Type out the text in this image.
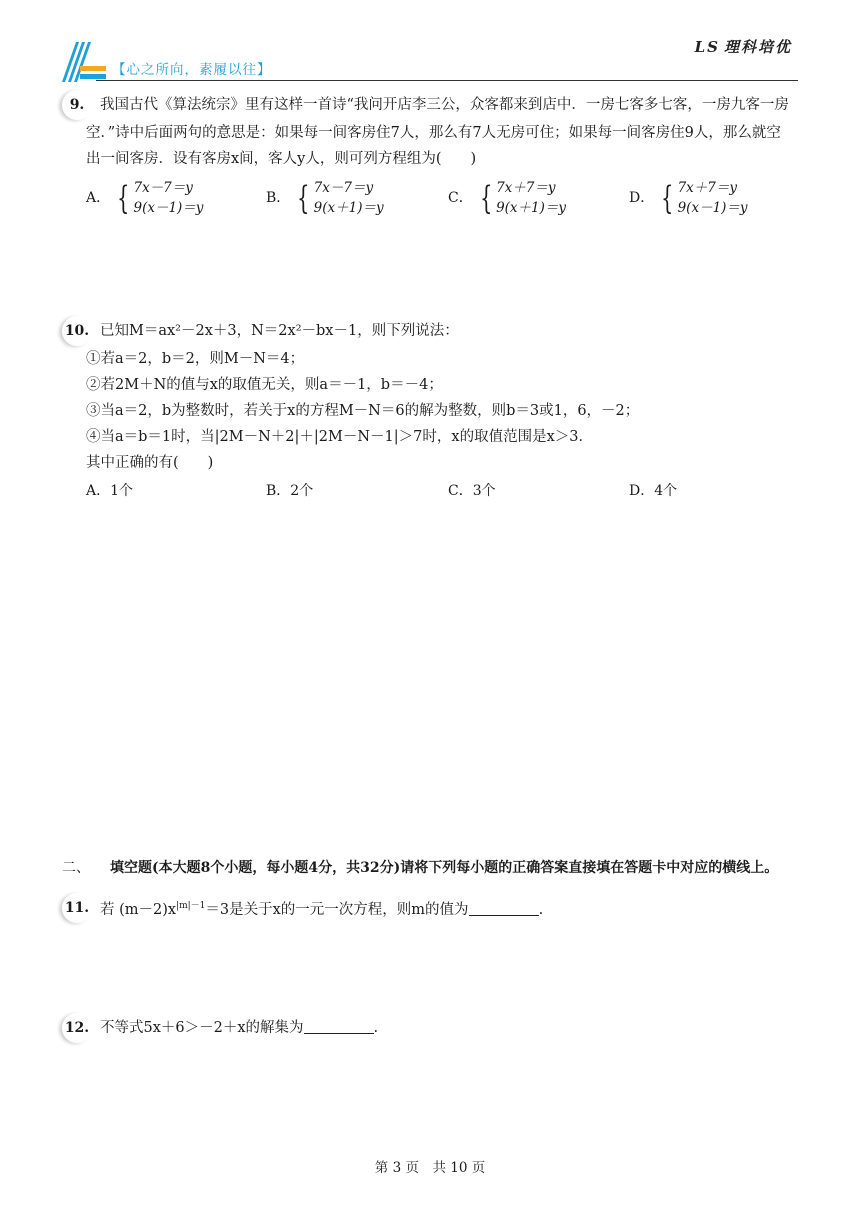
【心之所向，素履以往】
LS 理科培优
9. 我国古代《算法统宗》里有这样一首诗“我问开店李三公，众客都来到店中．一房七客多七客，一房九客一房
空．”诗中后面两句的意思是：如果每一间客房住7人，那么有7人无房可住；如果每一间客房住9人，那么就空
出一间客房．设有客房x间，客人y人，则可列方程组为(　　)
A． { 7x－7＝y
9(x－1)＝y
B． { 7x－7＝y
9(x＋1)＝y
C． { 7x＋7＝y
9(x＋1)＝y
D． { 7x＋7＝y
9(x－1)＝y
10. 已知M＝ax²－2x＋3，N＝2x²－bx－1，则下列说法：
①若a＝2，b＝2，则M－N＝4；
②若2M＋N的值与x的取值无关，则a＝－1，b＝－4；
③当a＝2，b为整数时，若关于x的方程M－N＝6的解为整数，则b＝3或1，6，－2；
④当a＝b＝1时，当|2M－N＋2|＋|2M－N－1|＞7时，x的取值范围是x＞3．
其中正确的有(　　)
A．1个	B．2个	C．3个	D．4个
二、 填空题(本大题8个小题，每小题4分，共32分)请将下列每小题的正确答案直接填在答题卡中对应的横线上。
11. 若 $(m-2)x^{|m|-1}=3$是关于x的一元一次方程，则m的值为	.
12. 不等式5x＋6＞－2＋x的解集为	.
第 3 页　共 10 页
